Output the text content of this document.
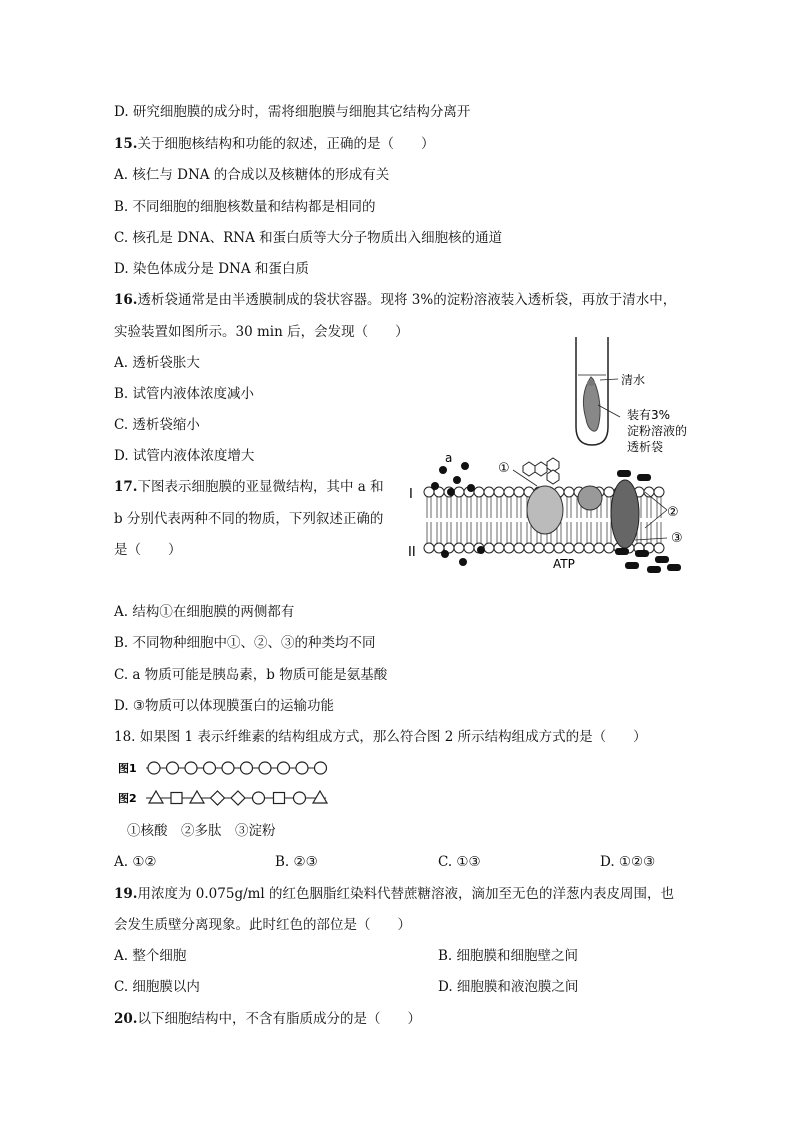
D. 研究细胞膜的成分时，需将细胞膜与细胞其它结构分离开
15.关于细胞核结构和功能的叙述，正确的是（　　）
A. 核仁与 DNA 的合成以及核糖体的形成有关
B. 不同细胞的细胞核数量和结构都是相同的
C. 核孔是 DNA、RNA 和蛋白质等大分子物质出入细胞核的通道
D. 染色体成分是 DNA 和蛋白质
16.透析袋通常是由半透膜制成的袋状容器。现将 3%的淀粉溶液装入透析袋，再放于清水中，
实验装置如图所示。30 min 后，会发现（　　）
A. 透析袋胀大
B. 试管内液体浓度减小
C. 透析袋缩小
D. 试管内液体浓度增大
清水
装有3%
淀粉溶液的
透析袋
17.下图表示细胞膜的亚显微结构，其中 a 和
b 分别代表两种不同的物质，下列叙述正确的
是（　　）
a
①
②
③
I
II
ATP
A. 结构①在细胞膜的两侧都有
B. 不同物种细胞中①、②、③的种类均不同
C. a 物质可能是胰岛素，b 物质可能是氨基酸
D. ③物质可以体现膜蛋白的运输功能
18. 如果图 1 表示纤维素的结构组成方式，那么符合图 2 所示结构组成方式的是（　　）
图1
图2
①核酸　②多肽　③淀粉
A. ①②	B. ②③	C. ①③	D. ①②③
19.用浓度为 0.075g/ml 的红色胭脂红染料代替蔗糖溶液，滴加至无色的洋葱内表皮周围，也
会发生质壁分离现象。此时红色的部位是（　　）
A. 整个细胞	B. 细胞膜和细胞壁之间
C. 细胞膜以内	D. 细胞膜和液泡膜之间
20.以下细胞结构中，不含有脂质成分的是（　　）
